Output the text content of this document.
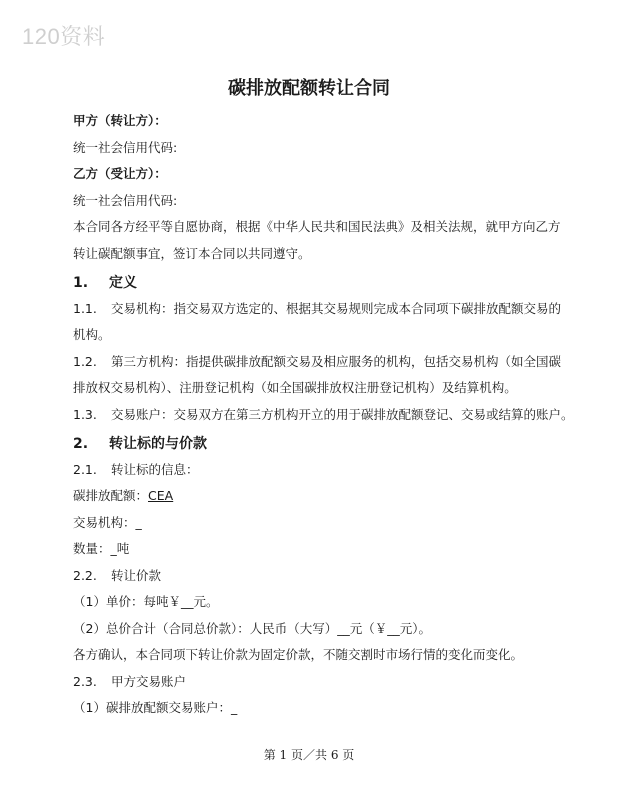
120资料
碳排放配额转让合同
甲方（转让方）：
统一社会信用代码:
乙方（受让方）：
统一社会信用代码:
本合同各方经平等自愿协商，根据《中华人民共和国民法典》及相关法规，就甲方向乙方
转让碳配额事宜，签订本合同以共同遵守。
1. 定义
1.1. 交易机构：指交易双方选定的、根据其交易规则完成本合同项下碳排放配额交易的
机构。
1.2. 第三方机构：指提供碳排放配额交易及相应服务的机构，包括交易机构（如全国碳
排放权交易机构）、注册登记机构（如全国碳排放权注册登记机构）及结算机构。
1.3. 交易账户：交易双方在第三方机构开立的用于碳排放配额登记、交易或结算的账户。
2. 转让标的与价款
2.1. 转让标的信息：
碳排放配额：CEA
交易机构：_
数量：_吨
2.2. 转让价款
（1）单价：每吨￥__元。
（2）总价合计（合同总价款）：人民币（大写）__元（￥__元）。
各方确认，本合同项下转让价款为固定价款，不随交割时市场行情的变化而变化。
2.3. 甲方交易账户
（1）碳排放配额交易账户：_
第 1 页／共 6 页
